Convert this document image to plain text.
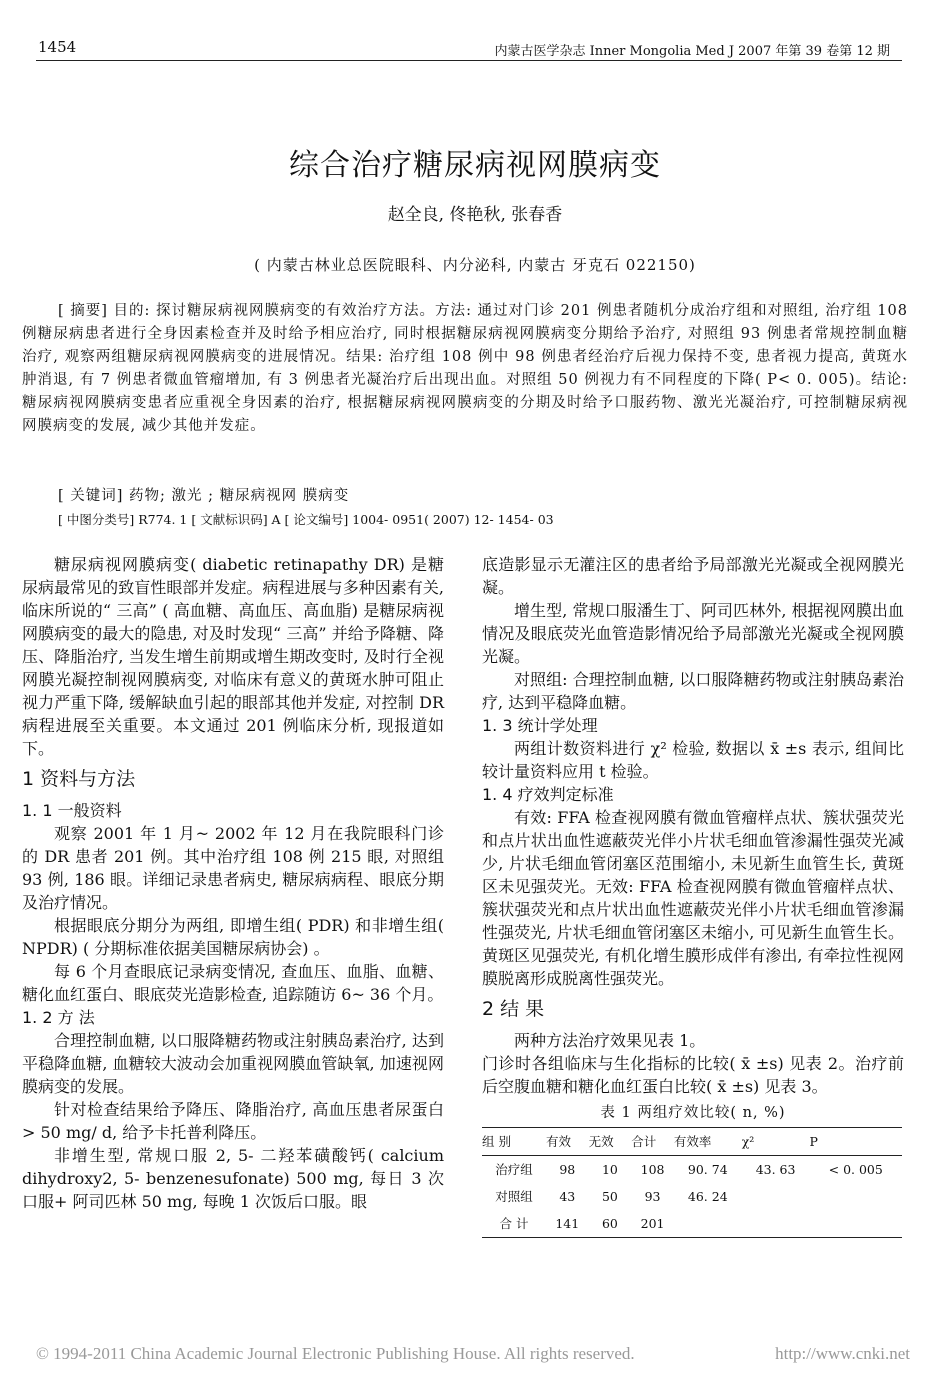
1454	内蒙古医学杂志 Inner Mongolia Med J 2007 年第 39 卷第 12 期
综合治疗糖尿病视网膜病变
赵全良, 佟艳秋, 张春香
( 内蒙古林业总医院眼科、内分泌科, 内蒙古 牙克石 022150)
[ 摘要] 目的: 探讨糖尿病视网膜病变的有效治疗方法。方法: 通过对门诊 201 例患者随机分成治疗组和对照组, 治疗组 108 例糖尿病患者进行全身因素检查并及时给予相应治疗, 同时根据糖尿病视网膜病变分期给予治疗, 对照组 93 例患者常规控制血糖治疗, 观察两组糖尿病视网膜病变的进展情况。结果: 治疗组 108 例中 98 例患者经治疗后视力保持不变, 患者视力提高, 黄斑水肿消退, 有 7 例患者微血管瘤增加, 有 3 例患者光凝治疗后出现出血。对照组 50 例视力有不同程度的下降( P< 0. 005)。结论: 糖尿病视网膜病变患者应重视全身因素的治疗, 根据糖尿病视网膜病变的分期及时给予口服药物、激光光凝治疗, 可控制糖尿病视网膜病变的发展, 减少其他并发症。
[ 关键词] 药物; 激光 ; 糖尿病视网 膜病变
[ 中图分类号] R774. 1 [ 文献标识码] A [ 论文编号] 1004- 0951( 2007) 12- 1454- 03

糖尿病视网膜病变( diabetic retinapathy DR) 是糖尿病最常见的致盲性眼部并发症。病程进展与多种因素有关, 临床所说的“ 三高” ( 高血糖、高血压、高血脂) 是糖尿病视网膜病变的最大的隐患, 对及时发现“ 三高” 并给予降糖、降压、降脂治疗, 当发生增生前期或增生期改变时, 及时行全视网膜光凝控制视网膜病变, 对临床有意义的黄斑水肿可阻止视力严重下降, 缓解缺血引起的眼部其他并发症, 对控制 DR 病程进展至关重要。本文通过 201 例临床分析, 现报道如下。

1 资料与方法
1. 1 一般资料

观察 2001 年 1 月~ 2002 年 12 月在我院眼科门诊的 DR 患者 201 例。其中治疗组 108 例 215 眼, 对照组 93 例, 186 眼。详细记录患者病史, 糖尿病病程、眼底分期及治疗情况。

根据眼底分期分为两组, 即增生组( PDR) 和非增生组( NPDR) ( 分期标准依据美国糖尿病协会) 。

每 6 个月查眼底记录病变情况, 查血压、血脂、血糖、糖化血红蛋白、眼底荧光造影检查, 追踪随访 6~ 36 个月。

1. 2 方 法

合理控制血糖, 以口服降糖药物或注射胰岛素治疗, 达到平稳降血糖, 血糖较大波动会加重视网膜血管缺氧, 加速视网膜病变的发展。

针对检查结果给予降压、降脂治疗, 高血压患者尿蛋白> 50 mg/ d, 给予卡托普利降压。

非增生型, 常规口服 2, 5- 二羟苯磺酸钙( calcium dihydroxy2, 5- benzenesufonate) 500 mg, 每日 3 次口服+ 阿司匹林 50 mg, 每晚 1 次饭后口服。眼

底造影显示无灌注区的患者给予局部激光光凝或全视网膜光凝。

增生型, 常规口服潘生丁、阿司匹林外, 根据视网膜出血情况及眼底荧光血管造影情况给予局部激光光凝或全视网膜光凝。

对照组: 合理控制血糖, 以口服降糖药物或注射胰岛素治疗, 达到平稳降血糖。

1. 3 统计学处理

两组计数资料进行 χ² 检验, 数据以 x̄ ±s 表示, 组间比较计量资料应用 t 检验。

1. 4 疗效判定标准

有效: FFA 检查视网膜有微血管瘤样点状、簇状强荧光和点片状出血性遮蔽荧光伴小片状毛细血管渗漏性强荧光减少, 片状毛细血管闭塞区范围缩小, 未见新生血管生长, 黄斑区未见强荧光。无效: FFA 检查视网膜有微血管瘤样点状、簇状强荧光和点片状出血性遮蔽荧光伴小片状毛细血管渗漏性强荧光, 片状毛细血管闭塞区未缩小, 可见新生血管生长。黄斑区见强荧光, 有机化增生膜形成伴有渗出, 有牵拉性视网膜脱离形成脱离性强荧光。

2 结 果

两种方法治疗效果见表 1。

门诊时各组临床与生化指标的比较( x̄ ±s) 见表 2。治疗前后空腹血糖和糖化血红蛋白比较( x̄ ±s) 见表 3。

表 1 两组疗效比较( n, %)
组 别	有效	无效	合计	有效率	χ²	P
治疗组	98	10	108	90. 74	43. 63	< 0. 005
对照组	43	50	93	46. 24		
合 计	141	60	201			
© 1994-2011 China Academic Journal Electronic Publishing House. All rights reserved.	http://www.cnki.net
